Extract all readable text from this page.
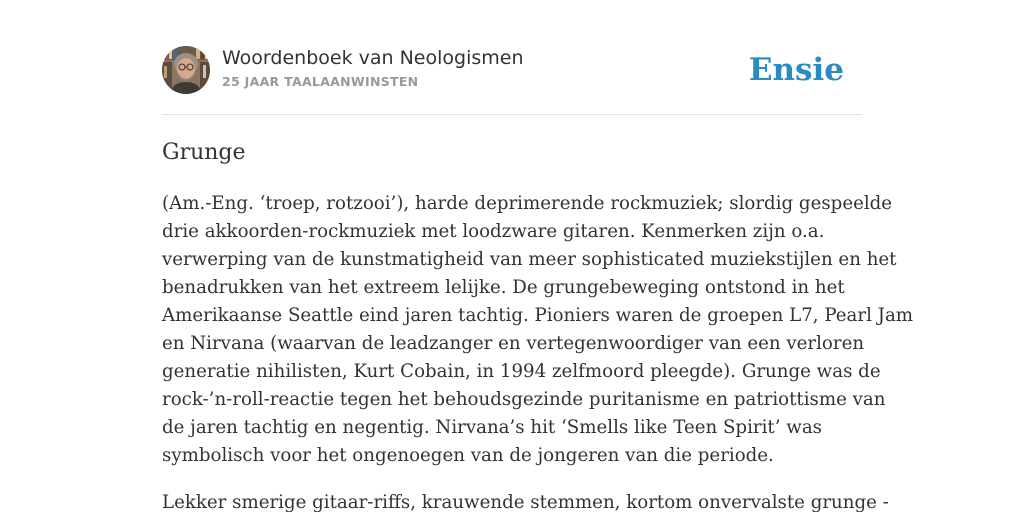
Woordenboek van Neologismen
25 JAAR TAALAANWINSTEN	Ensie
Grunge

(Am.-Eng. ‘troep, rotzooi’), harde deprimerende rockmuziek; slordig gespeelde
drie akkoorden-rockmuziek met loodzware gitaren. Kenmerken zijn o.a.
verwerping van de kunstmatigheid van meer sophisticated muziekstijlen en het
benadrukken van het extreem lelijke. De grungebeweging ontstond in het
Amerikaanse Seattle eind jaren tachtig. Pioniers waren de groepen L7, Pearl Jam
en Nirvana (waarvan de leadzanger en vertegenwoordiger van een verloren
generatie nihilisten, Kurt Cobain, in 1994 zelfmoord pleegde). Grunge was de
rock-’n-roll-reactie tegen het behoudsgezinde puritanisme en patriottisme van
de jaren tachtig en negentig. Nirvana’s hit ‘Smells like Teen Spirit’ was
symbolisch voor het ongenoegen van de jongeren van die periode.

Lekker smerige gitaar-riffs, krauwende stemmen, kortom onvervalste grunge -
